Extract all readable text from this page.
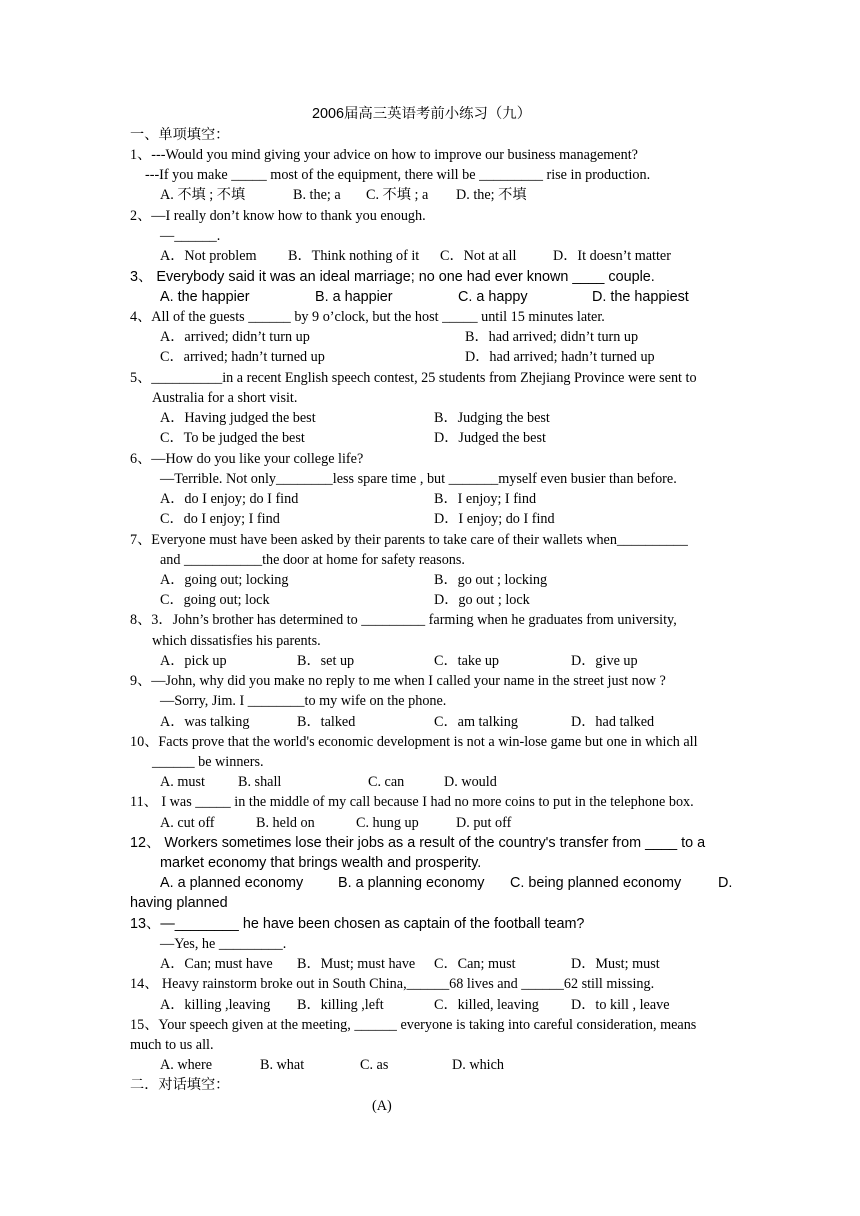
2006届高三英语考前小练习（九）
一、单项填空：
1、---Would you mind giving your advice on how to improve our business management?
---If you make _____ most of the equipment, there will be _________ rise in production.
A. 不填 ; 不填	B. the; a C. 不填 ; a D. the; 不填
2、—I really don’t know how to thank you enough.
—______.
A．Not problem B．Think nothing of it C．Not at all	D．It doesn’t matter
3、 Everybody said it was an ideal marriage; no one had ever known ____ couple.
A. the happier	B. a happier	C. a happy	D. the happiest
4、All of the guests ______ by 9 o’clock, but the host _____ until 15 minutes later.
A．arrived; didn’t turn up	B．had arrived; didn’t turn up
C．arrived; hadn’t turned up	D．had arrived; hadn’t turned up
5、__________in a recent English speech contest, 25 students from Zhejiang Province were sent to
Australia for a short visit.
A．Having judged the best	B．Judging the best
C．To be judged the best	D．Judged the best
6、—How do you like your college life?
—Terrible. Not only________less spare time , but _______myself even busier than before.
A．do I enjoy; do I find	B．I enjoy; I find
C．do I enjoy; I find	D．I enjoy; do I find
7、Everyone must have been asked by their parents to take care of their wallets when__________
and ___________the door at home for safety reasons.
A．going out; locking	B．go out ; locking
C．going out; lock	D．go out ; lock
8、3．John’s brother has determined to _________ farming when he graduates from university,
which dissatisfies his parents.
A．pick up	B．set up	C．take up	D．give up
9、—John, why did you make no reply to me when I called your name in the street just now ?
—Sorry, Jim. I ________to my wife on the phone.
A．was talking	B．talked	C．am talking	D．had talked
10、Facts prove that the world's economic development is not a win-lose game but one in which all
______ be winners.
A. must B. shall	C. can	D. would
11、 I was _____ in the middle of my call because I had no more coins to put in the telephone box.
A. cut off	B. held on	C. hung up	D. put off
12、 Workers sometimes lose their jobs as a result of the country's transfer from ____ to a
market economy that brings wealth and prosperity.
A. a planned economy B. a planning economy C. being planned economy	D.
having planned
13、—________ he have been chosen as captain of the football team?
—Yes, he _________.
A．Can; must have B．Must; must have C．Can; must	D．Must; must
14、 Heavy rainstorm broke out in South China,______68 lives and ______62 still missing.
A．killing ,leaving B．killing ,left	C．killed, leaving D．to kill , leave
15、Your speech given at the meeting, ______ everyone is taking into careful consideration, means
much to us all.
A. where	B. what	C. as	D. which
二．对话填空：
(A)
